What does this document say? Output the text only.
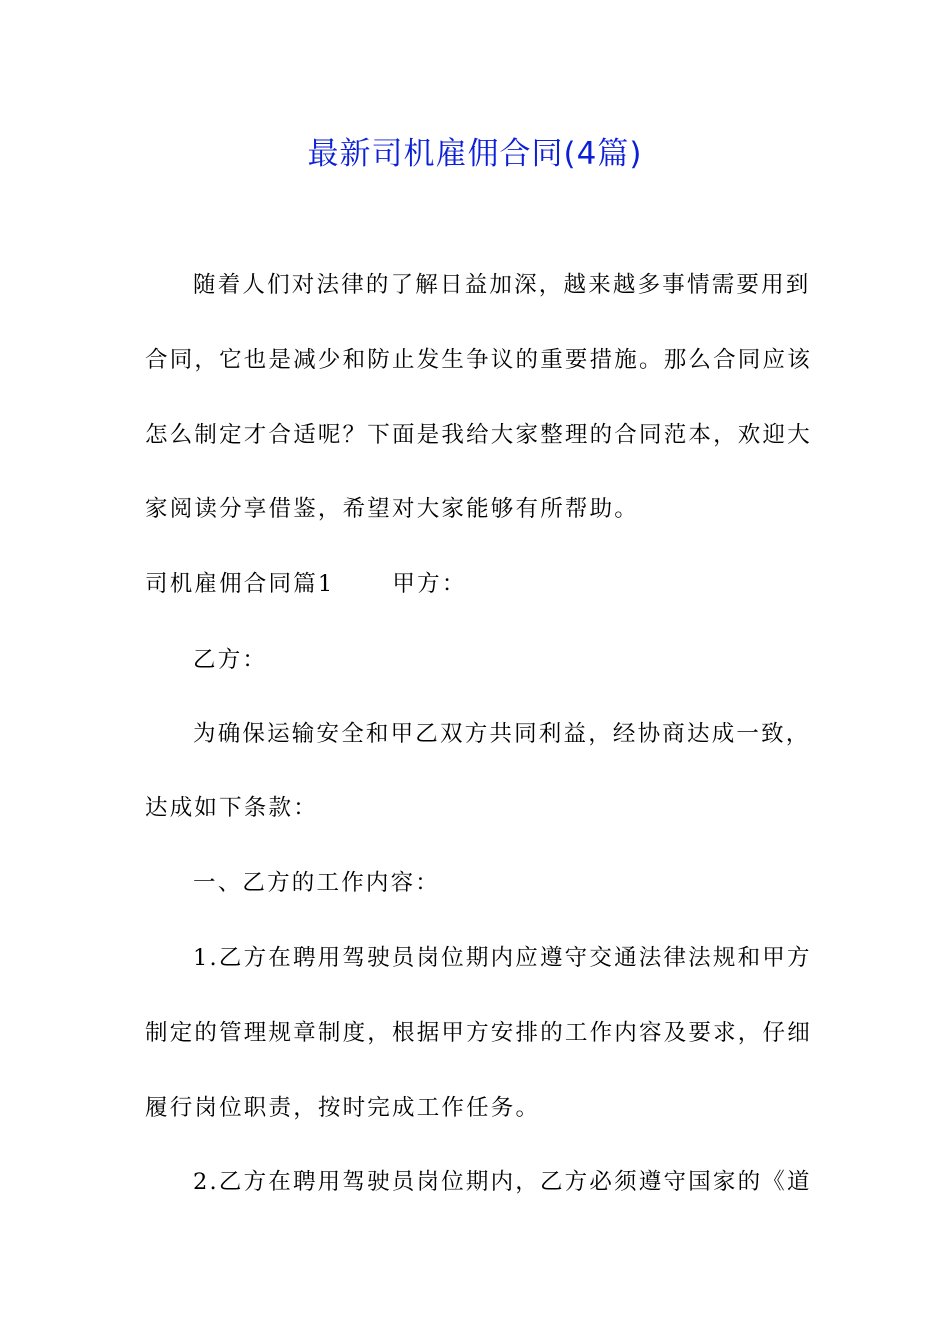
最新司机雇佣合同(4篇)
随着人们对法律的了解日益加深，越来越多事情需要用到
合同，它也是减少和防止发生争议的重要措施。那么合同应该
怎么制定才合适呢？下面是我给大家整理的合同范本，欢迎大
家阅读分享借鉴，希望对大家能够有所帮助。
司机雇佣合同篇1	甲方：
乙方：
为确保运输安全和甲乙双方共同利益，经协商达成一致，
达成如下条款：
一、乙方的工作内容：
1.乙方在聘用驾驶员岗位期内应遵守交通法律法规和甲方
制定的管理规章制度，根据甲方安排的工作内容及要求，仔细
履行岗位职责，按时完成工作任务。
2.乙方在聘用驾驶员岗位期内，乙方必须遵守国家的《道
